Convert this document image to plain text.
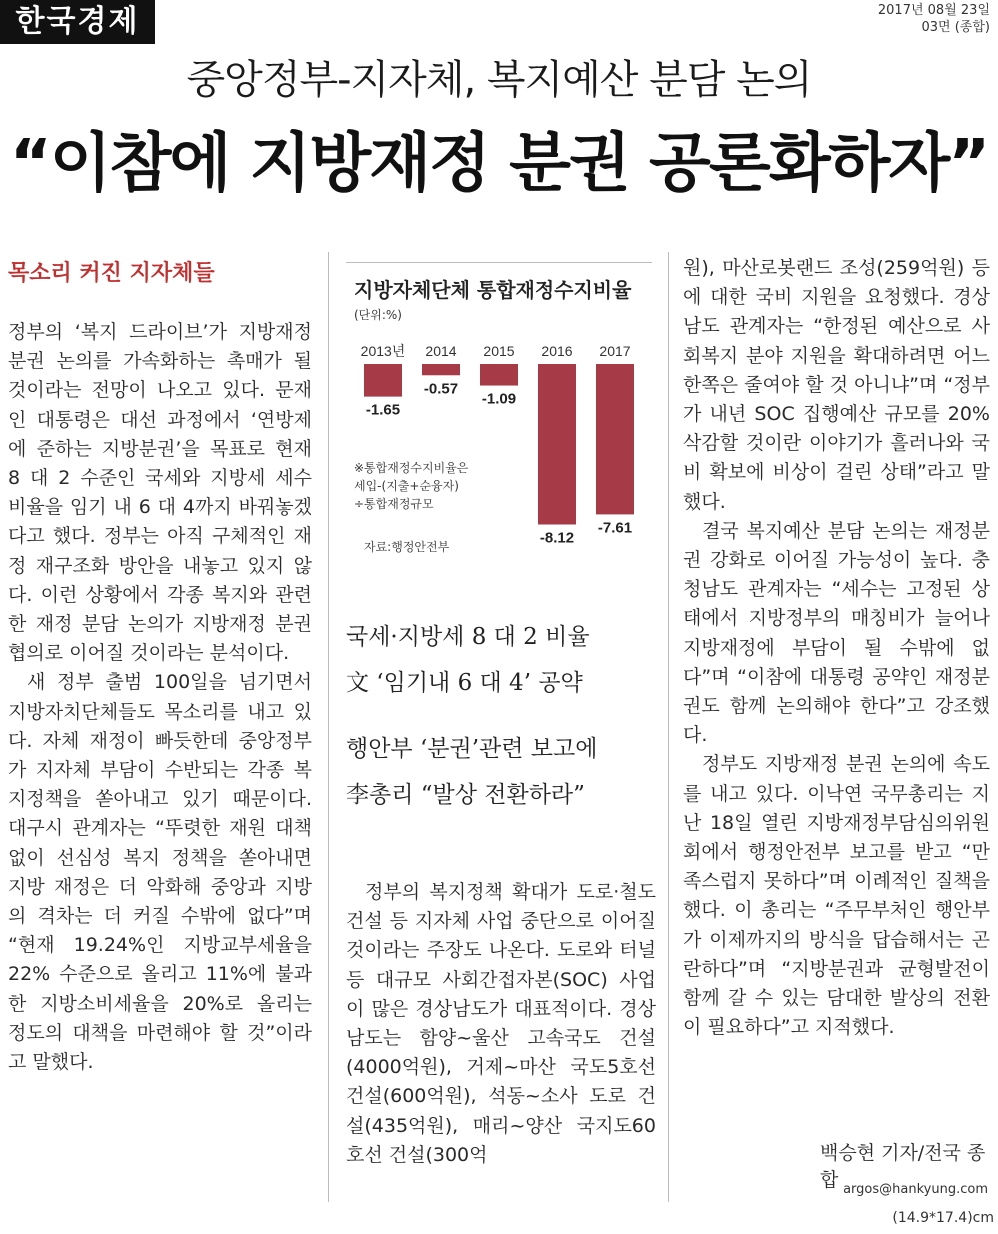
한국경제	2017년 08월 23일
03면 (종합)
중앙정부-지자체, 복지예산 분담 논의
“이참에 지방재정 분권 공론화하자”
목소리 커진 지자체들

정부의 ‘복지 드라이브’가 지방재정 분권 논의를 가속화하는 촉매가 될 것이라는 전망이 나오고 있다. 문재인 대통령은 대선 과정에서 ‘연방제에 준하는 지방분권’을 목표로 현재 8 대 2 수준인 국세와 지방세 세수 비율을 임기 내 6 대 4까지 바꿔놓겠다고 했다. 정부는 아직 구체적인 재정 재구조화 방안을 내놓고 있지 않다. 이런 상황에서 각종 복지와 관련한 재정 분담 논의가 지방재정 분권 협의로 이어질 것이라는 분석이다.

새 정부 출범 100일을 넘기면서 지방자치단체들도 목소리를 내고 있다. 자체 재정이 빠듯한데 중앙정부가 지자체 부담이 수반되는 각종 복지정책을 쏟아내고 있기 때문이다. 대구시 관계자는 “뚜렷한 재원 대책 없이 선심성 복지 정책을 쏟아내면 지방 재정은 더 악화해 중앙과 지방의 격차는 더 커질 수밖에 없다”며 “현재 19.24%인 지방교부세율을 22% 수준으로 올리고 11%에 불과한 지방소비세율을 20%로 올리는 정도의 대책을 마련해야 할 것”이라고 말했다.

지방자체단체 통합재정수지비율
(단위:%)
2013년
-1.65
2014
-0.57
2015
-1.09
2016
-8.12
2017
-7.61
※통합재정수지비율은
세입-(지출+순융자)
÷통합재정규모
자료:행정안전부
국세·지방세 8 대 2 비율
文 ‘임기내 6 대 4’ 공약
행안부 ‘분권’관련 보고에
李총리 “발상 전환하라”

정부의 복지정책 확대가 도로·철도 건설 등 지자체 사업 중단으로 이어질 것이라는 주장도 나온다. 도로와 터널 등 대규모 사회간접자본(SOC) 사업이 많은 경상남도가 대표적이다. 경상남도는 함양~울산 고속국도 건설(4000억원), 거제~마산 국도5호선 건설(600억원), 석동~소사 도로 건설(435억원), 매리~양산 국지도60호선 건설(300억

원), 마산로봇랜드 조성(259억원) 등에 대한 국비 지원을 요청했다. 경상남도 관계자는 “한정된 예산으로 사회복지 분야 지원을 확대하려면 어느 한쪽은 줄여야 할 것 아니냐”며 “정부가 내년 SOC 집행예산 규모를 20% 삭감할 것이란 이야기가 흘러나와 국비 확보에 비상이 걸린 상태”라고 말했다.

결국 복지예산 분담 논의는 재정분권 강화로 이어질 가능성이 높다. 충청남도 관계자는 “세수는 고정된 상태에서 지방정부의 매칭비가 늘어나 지방재정에 부담이 될 수밖에 없다”며 “이참에 대통령 공약인 재정분권도 함께 논의해야 한다”고 강조했다.

정부도 지방재정 분권 논의에 속도를 내고 있다. 이낙연 국무총리는 지난 18일 열린 지방재정부담심의위원회에서 행정안전부 보고를 받고 “만족스럽지 못하다”며 이례적인 질책을 했다. 이 총리는 “주무부처인 행안부가 이제까지의 방식을 답습해서는 곤란하다”며 “지방분권과 균형발전이 함께 갈 수 있는 담대한 발상의 전환이 필요하다”고 지적했다.

백승현 기자/전국 종합 argos@hankyung.com
(14.9*17.4)cm
